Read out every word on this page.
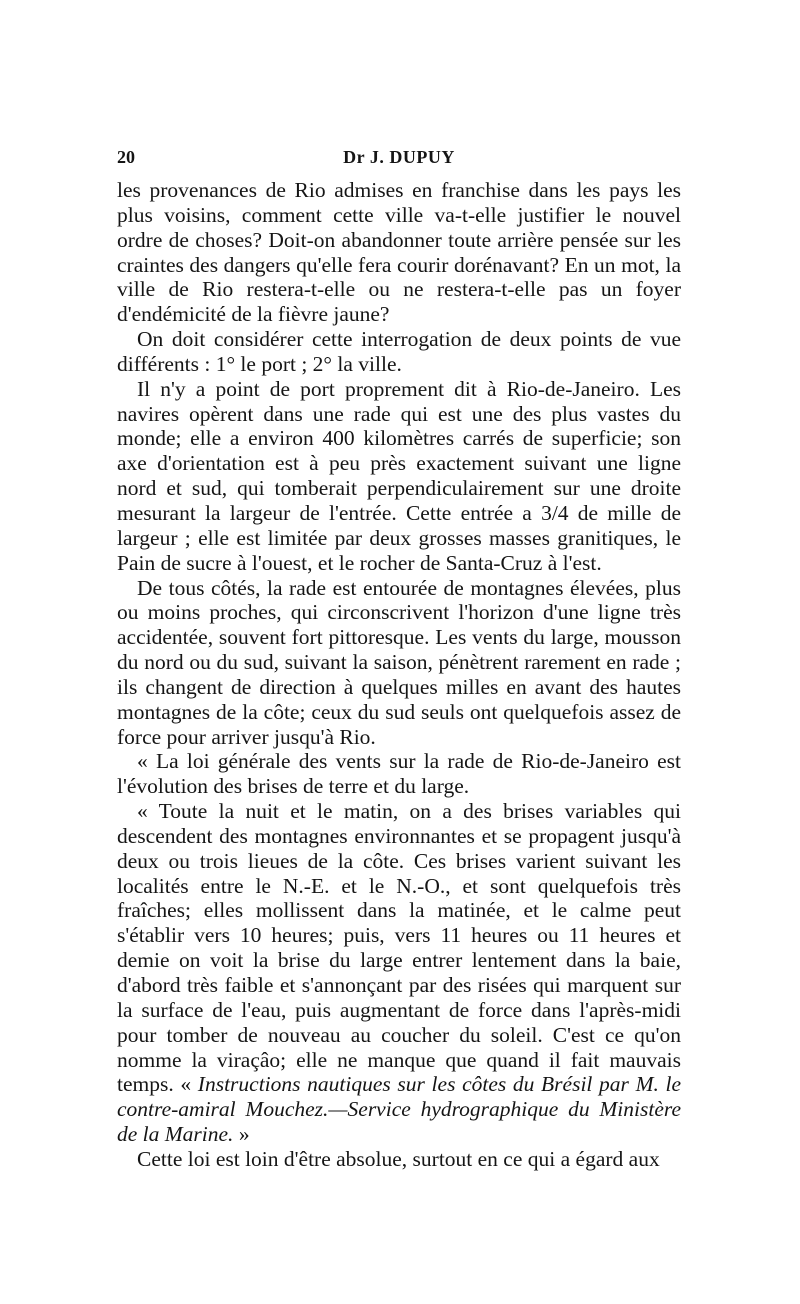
20	Dr J. DUPUY

les provenances de Rio admises en franchise dans les pays les plus voisins, comment cette ville va-t-elle justifier le nouvel ordre de choses? Doit-on abandonner toute arrière pensée sur les craintes des dangers qu'elle fera courir dorénavant? En un mot, la ville de Rio restera-t-elle ou ne restera-t-elle pas un foyer d'endémicité de la fièvre jaune?

On doit considérer cette interrogation de deux points de vue différents : 1° le port ; 2° la ville.

Il n'y a point de port proprement dit à Rio-de-Janeiro. Les navires opèrent dans une rade qui est une des plus vastes du monde; elle a environ 400 kilomètres carrés de superficie; son axe d'orientation est à peu près exactement suivant une ligne nord et sud, qui tomberait perpendiculairement sur une droite mesurant la largeur de l'entrée. Cette entrée a 3/4 de mille de largeur ; elle est limitée par deux grosses masses granitiques, le Pain de sucre à l'ouest, et le rocher de Santa-Cruz à l'est.

De tous côtés, la rade est entourée de montagnes élevées, plus ou moins proches, qui circonscrivent l'horizon d'une ligne très accidentée, souvent fort pittoresque. Les vents du large, mousson du nord ou du sud, suivant la saison, pénètrent rarement en rade ; ils changent de direction à quelques milles en avant des hautes montagnes de la côte; ceux du sud seuls ont quelquefois assez de force pour arriver jusqu'à Rio.

« La loi générale des vents sur la rade de Rio-de-Janeiro est l'évolution des brises de terre et du large.

« Toute la nuit et le matin, on a des brises variables qui descendent des montagnes environnantes et se propagent jusqu'à deux ou trois lieues de la côte. Ces brises varient suivant les localités entre le N.-E. et le N.-O., et sont quelquefois très fraîches; elles mollissent dans la matinée, et le calme peut s'établir vers 10 heures; puis, vers 11 heures ou 11 heures et demie on voit la brise du large entrer lentement dans la baie, d'abord très faible et s'annonçant par des risées qui marquent sur la surface de l'eau, puis augmentant de force dans l'après-midi pour tomber de nouveau au coucher du soleil. C'est ce qu'on nomme la viraçâo; elle ne manque que quand il fait mauvais temps. « Instructions nautiques sur les côtes du Brésil par M. le contre-amiral Mouchez.—Service hydrographique du Ministère de la Marine. »

Cette loi est loin d'être absolue, surtout en ce qui a égard aux
